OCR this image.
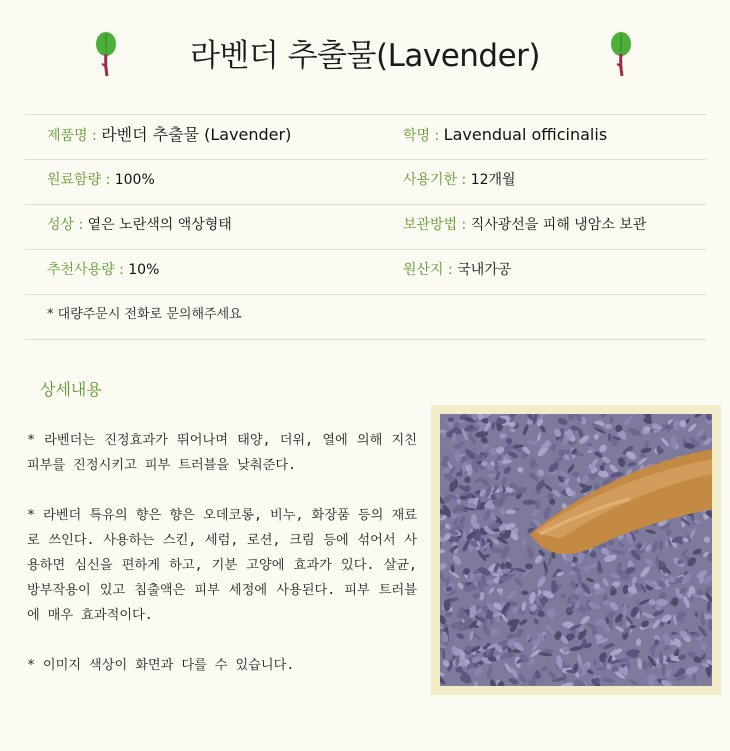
라벤더 추출물(Lavender)
제품명 : 라벤더 추출물 (Lavender)	학명 : Lavendual officinalis
원료함량 : 100%	사용기한 : 12개월
성상 : 옅은 노란색의 액상형태	보관방법 : 직사광선을 피해 냉암소 보관
추천사용량 : 10%	원산지 : 국내가공
* 대량주문시 전화로 문의해주세요
상세내용

* 라벤더는 진정효과가 뛰어나며 태양, 더위, 열에 의해 지친 피부를 진정시키고 피부 트러블을 낮춰준다.

* 라벤더 특유의 향은 향은 오데코롱, 비누, 화장품 등의 재료로 쓰인다. 사용하는 스킨, 세럼, 로션, 크림 등에 섞어서 사용하면 심신을 편하게 하고, 기분 고양에 효과가 있다. 살균, 방부작용이 있고 침출액은 피부 세정에 사용된다. 피부 트러블에 매우 효과적이다.

* 이미지 색상이 화면과 다를 수 있습니다.
